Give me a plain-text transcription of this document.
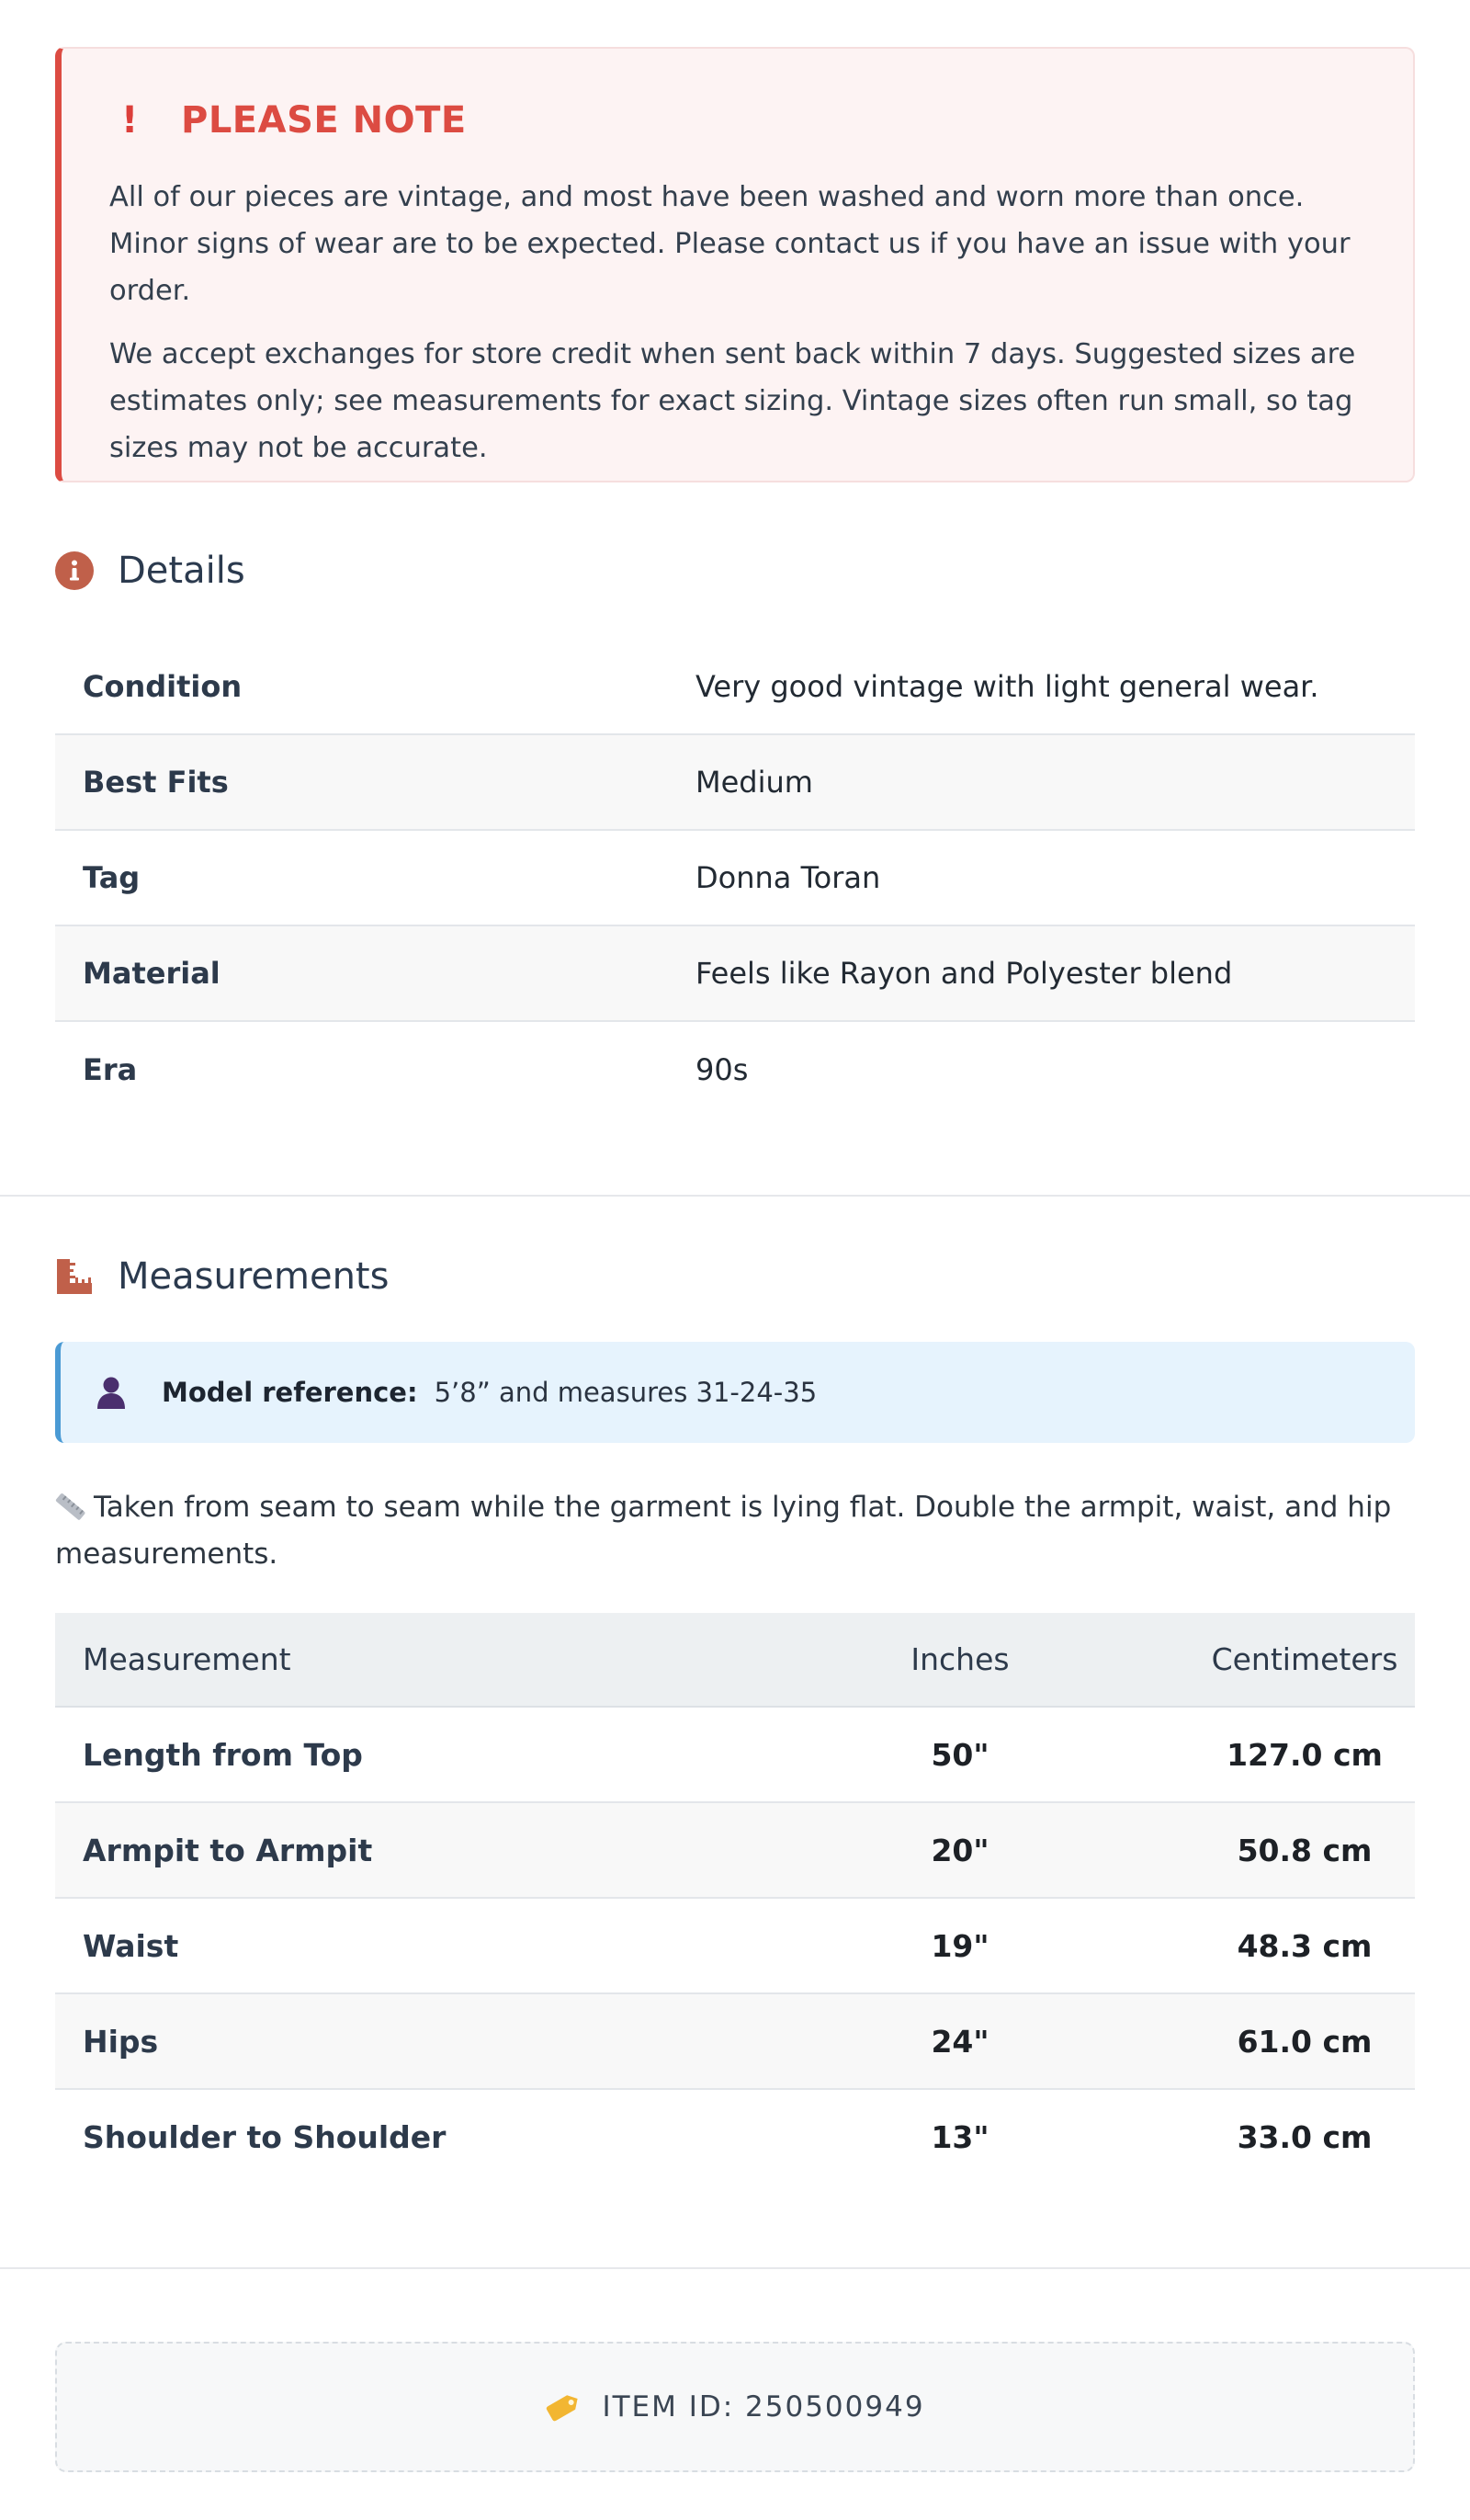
!	PLEASE NOTE

All of our pieces are vintage, and most have been washed and worn more than once. Minor signs of wear are to be expected. Please contact us if you have an issue with your order.

We accept exchanges for store credit when sent back within 7 days. Suggested sizes are estimates only; see measurements for exact sizing. Vintage sizes often run small, so tag sizes may not be accurate.

Details
Condition	Very good vintage with light general wear.
Best Fits	Medium
Tag	Donna Toran
Material	Feels like Rayon and Polyester blend
Era	90s
Measurements
Model reference: 5’8” and measures 31-24-35
Taken from seam to seam while the garment is lying flat. Double the armpit, waist, and hip measurements.
Measurement	Inches	Centimeters
Length from Top	50"	127.0 cm
Armpit to Armpit	20"	50.8 cm
Waist	19"	48.3 cm
Hips	24"	61.0 cm
Shoulder to Shoulder	13"	33.0 cm
ITEM ID: 250500949
